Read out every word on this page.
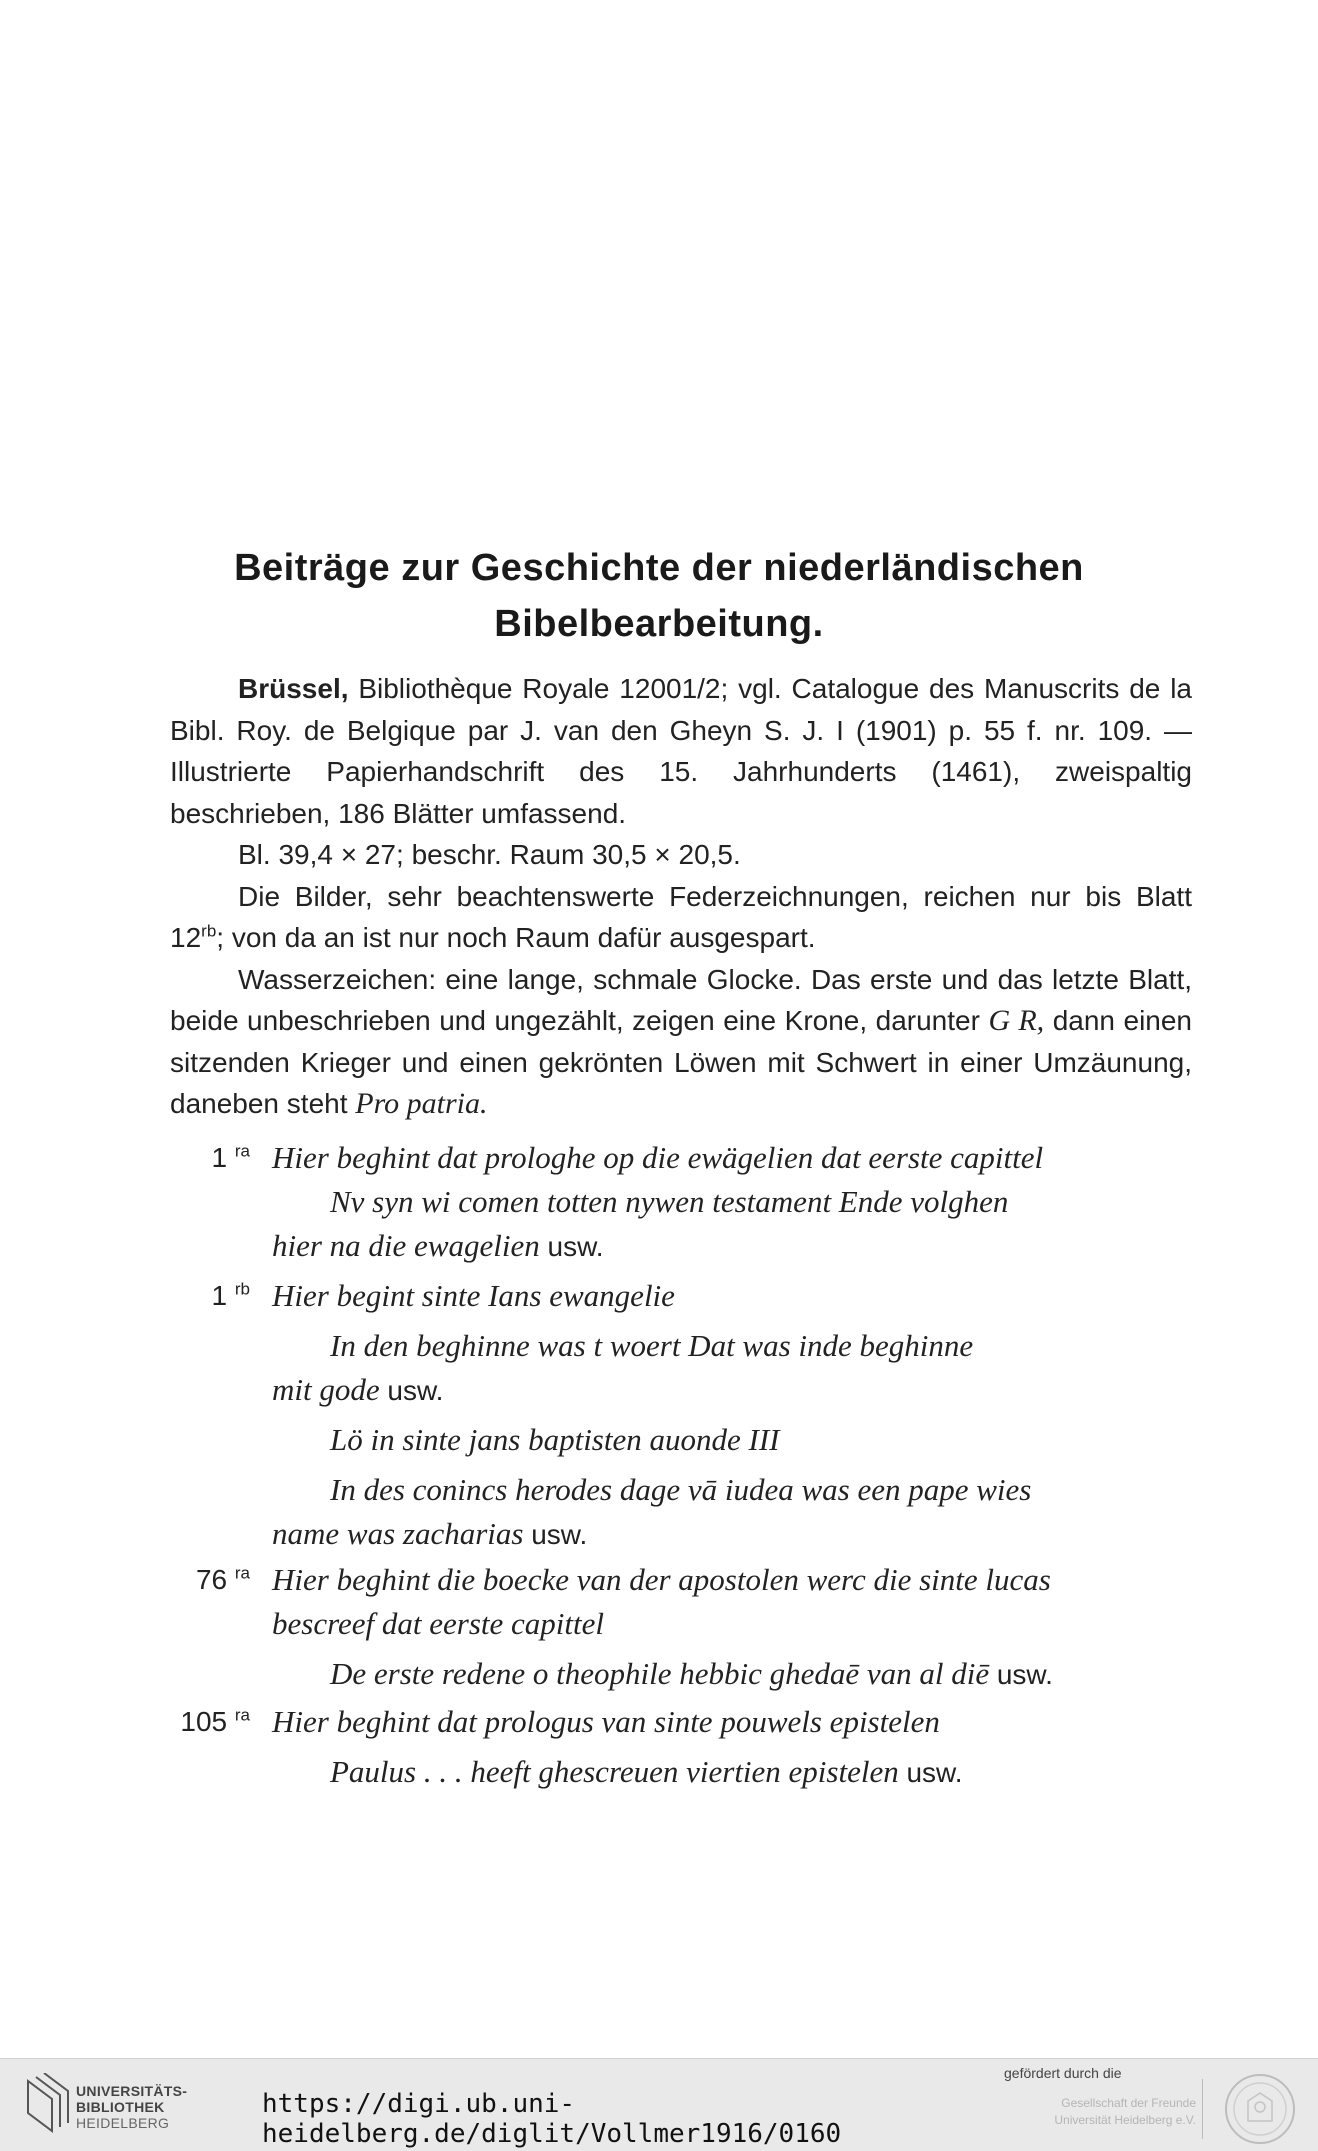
Beiträge zur Geschichte der niederländischen
Bibelbearbeitung.

Brüssel, Bibliothèque Royale 12001/2; vgl. Catalogue des Manuscrits de la Bibl. Roy. de Belgique par J. van den Gheyn S. J. I (1901) p. 55 f. nr. 109. — Illustrierte Papierhandschrift des 15. Jahrhunderts (1461), zweispaltig beschrieben, 186 Blätter umfassend.

Bl. 39,4 × 27; beschr. Raum 30,5 × 20,5.

Die Bilder, sehr beachtenswerte Federzeichnungen, reichen nur bis Blatt $12^{rb}$; von da an ist nur noch Raum dafür ausgespart.

Wasserzeichen: eine lange, schmale Glocke. Das erste und das letzte Blatt, beide unbeschrieben und ungezählt, zeigen eine Krone, darunter G R, dann einen sitzenden Krieger und einen gekrönten Löwen mit Schwert in einer Umzäunung, daneben steht Pro patria.

1 $^{ra}$ Hier beghint dat prologhe op die ewägelien dat eerste capittel
Nv syn wi comen totten nywen testament Ende volghen
hier na die ewagelien usw.
1 $^{rb}$ Hier begint sinte Ians ewangelie
In den beghinne was t woert Dat was inde beghinne
mit gode usw.
Lö in sinte jans baptisten auonde III
In des conincs herodes dage vā iudea was een pape wies
name was zacharias usw.
76 $^{ra}$ Hier beghint die boecke van der apostolen werc die sinte lucas
bescreef dat eerste capittel
De erste redene o theophile hebbic ghedaē van al diē usw.
105 $^{ra}$ Hier beghint dat prologus van sinte pouwels epistelen
Paulus . . . heeft ghescreuen viertien epistelen usw.
UNIVERSITÄTS-
BIBLIOTHEK
HEIDELBERG
https://digi.ub.uni-heidelberg.de/diglit/Vollmer1916/0160
gefördert durch die
Gesellschaft der Freunde
Universität Heidelberg e.V.
